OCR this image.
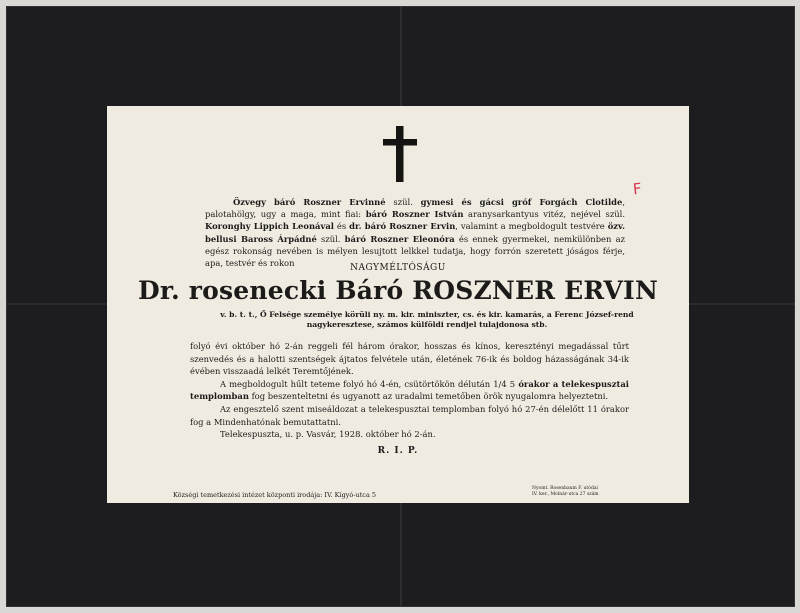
F
Özvegy báró Roszner Ervinné szül. gymesi és gácsi gróf Forgách Clotilde, palotahölgy, ugy a maga, mint fiai: báró Roszner István aranysarkantyus vitéz, nejével szül. Koronghy Lippich Leonával és dr. báró Roszner Ervin, valamint a megboldogult testvére özv. bellusi Baross Árpádné szül. báró Roszner Eleonóra és ennek gyermekei, nemkülönben az egész rokonság nevében is mélyen lesujtott lelkkel tudatja, hogy forrón szeretett jóságos férje, apa, testvér és rokon	NAGYMÉLTÓSÁGU
Dr. rosenecki Báró ROSZNER ERVIN
v. b. t. t., Ő Felsége személye körüli ny. m. kir. miniszter, cs. és kir. kamarás, a Ferenc József-rend
nagykeresztese, számos külföldi rendjel tulajdonosa stb.

folyó évi október hó 2-án reggeli fél három órakor, hosszas és kínos, keresztényi megadással tűrt szenvedés és a halotti szentségek ájtatos felvétele után, életének 76-ik és boldog házasságának 34-ik évében visszaadá lelkét Teremtőjének.

A megboldogult hűlt teteme folyó hó 4-én, csütörtökön délután 1/4 5 órakor a telekespusztai templomban fog beszenteltetni és ugyanott az uradalmi temetőben örök nyugalomra helyeztetni.

Az engesztelő szent miseáldozat a telekespusztai templomban folyó hó 27-én délelőtt 11 órakor fog a Mindenhatónak bemutattatni.

Telekespuszta, u. p. Vasvár, 1928. október hó 2-án.

R. I. P.
Községi temetkezési intézet központi irodája: IV. Kígyó-utca 5
Nyomt. Rosenbaum F. utódai
IV. ker., Molnár-utca 27 szám
